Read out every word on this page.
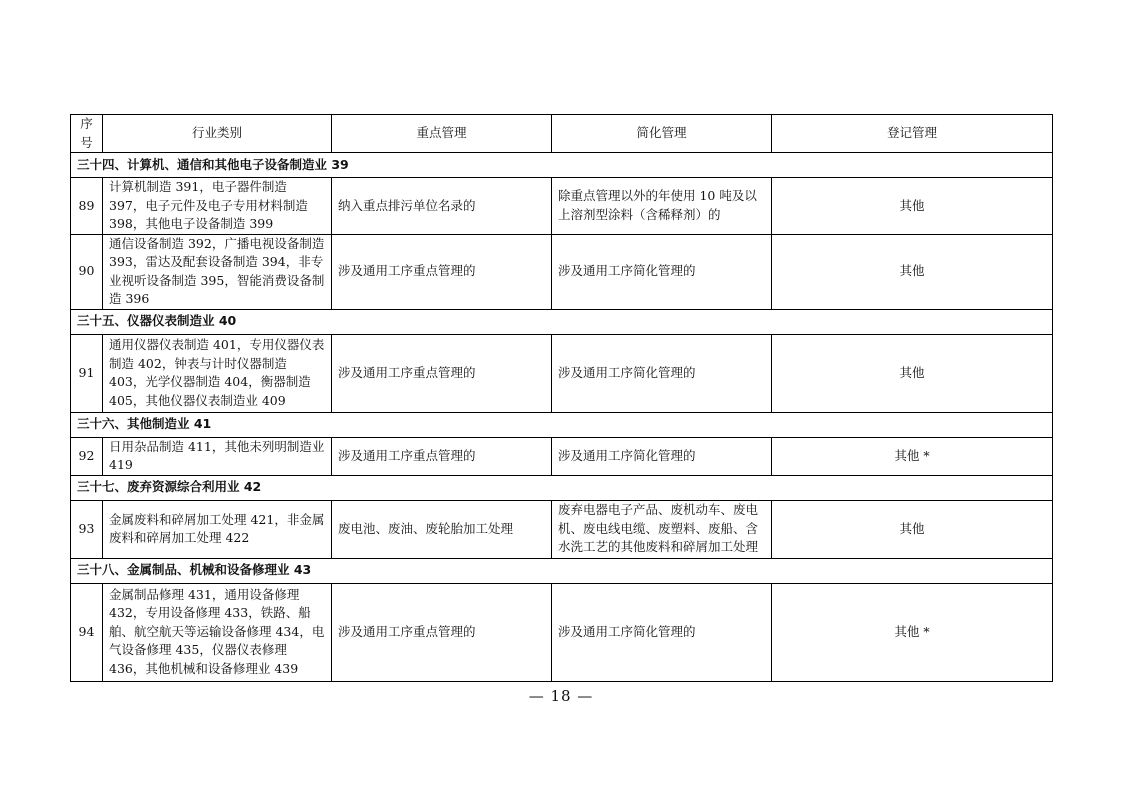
序号	行业类别	重点管理	简化管理	登记管理
三十四、计算机、通信和其他电子设备制造业 39				
89	计算机制造 391，电子器件制造 397，电子元件及电子专用材料制造 398，其他电子设备制造 399	纳入重点排污单位名录的	除重点管理以外的年使用 10 吨及以上溶剂型涂料（含稀释剂）的	其他
90	通信设备制造 392，广播电视设备制造 393，雷达及配套设备制造 394，非专业视听设备制造 395，智能消费设备制造 396	涉及通用工序重点管理的	涉及通用工序简化管理的	其他
三十五、仪器仪表制造业 40				
91	通用仪器仪表制造 401，专用仪器仪表制造 402，钟表与计时仪器制造 403，光学仪器制造 404，衡器制造 405，其他仪器仪表制造业 409	涉及通用工序重点管理的	涉及通用工序简化管理的	其他
三十六、其他制造业 41				
92	日用杂品制造 411，其他未列明制造业 419	涉及通用工序重点管理的	涉及通用工序简化管理的	其他 *
三十七、废弃资源综合利用业 42				
93	金属废料和碎屑加工处理 421，非金属废料和碎屑加工处理 422	废电池、废油、废轮胎加工处理	废弃电器电子产品、废机动车、废电机、废电线电缆、废塑料、废船、含水洗工艺的其他废料和碎屑加工处理	其他
三十八、金属制品、机械和设备修理业 43				
94	金属制品修理 431，通用设备修理 432，专用设备修理 433，铁路、船舶、航空航天等运输设备修理 434，电气设备修理 435，仪器仪表修理 436，其他机械和设备修理业 439	涉及通用工序重点管理的	涉及通用工序简化管理的	其他 *
— 18 —
